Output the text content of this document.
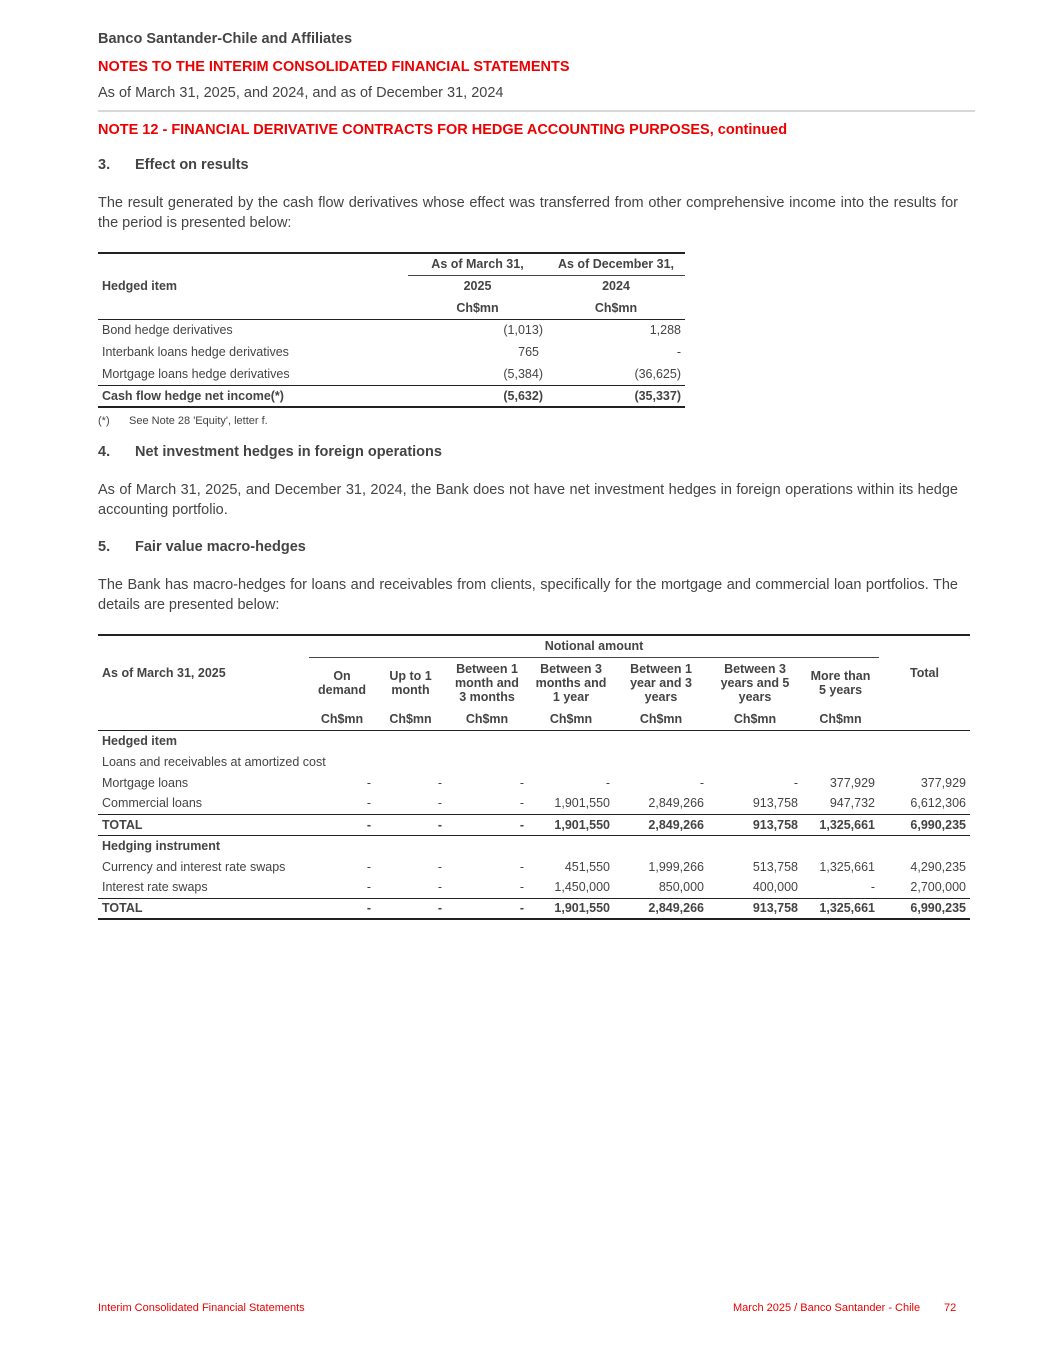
Banco Santander-Chile and Affiliates
NOTES TO THE INTERIM CONSOLIDATED FINANCIAL STATEMENTS
As of March 31, 2025, and 2024, and as of December 31, 2024
NOTE 12 - FINANCIAL DERIVATIVE CONTRACTS FOR HEDGE ACCOUNTING PURPOSES, continued
3. Effect on results
The result generated by the cash flow derivatives whose effect was transferred from other comprehensive income into the results for the period is presented below:
Hedged item	As of March 31,	As of December 31,
	2025	2024
	Ch$mn	Ch$mn
Bond hedge derivatives	(1,013)	1,288
Interbank loans hedge derivatives	765	-
Mortgage loans hedge derivatives	(5,384)	(36,625)
Cash flow hedge net income(*)	(5,632)	(35,337)
(*) See Note 28 'Equity', letter f.
4. Net investment hedges in foreign operations
As of March 31, 2025, and December 31, 2024, the Bank does not have net investment hedges in foreign operations within its hedge accounting portfolio.
5. Fair value macro-hedges
The Bank has macro-hedges for loans and receivables from clients, specifically for the mortgage and commercial loan portfolios. The details are presented below:
As of March 31, 2025	Notional amount							Total
	On demand	Up to 1 month	Between 1 month and 3 months	Between 3 months and 1 year	Between 1 year and 3 years	Between 3 years and 5 years	More than 5 years	
	Ch$mn	Ch$mn	Ch$mn	Ch$mn	Ch$mn	Ch$mn	Ch$mn	
Hedged item								
Loans and receivables at amortized cost								
Mortgage loans	-	-	-	-	-	-	377,929	377,929
Commercial loans	-	-	-	1,901,550	2,849,266	913,758	947,732	6,612,306
TOTAL	-	-	-	1,901,550	2,849,266	913,758	1,325,661	6,990,235
Hedging instrument								
Currency and interest rate swaps	-	-	-	451,550	1,999,266	513,758	1,325,661	4,290,235
Interest rate swaps	-	-	-	1,450,000	850,000	400,000	-	2,700,000
TOTAL	-	-	-	1,901,550	2,849,266	913,758	1,325,661	6,990,235
Interim Consolidated Financial Statements	March 2025 / Banco Santander - Chile 72
